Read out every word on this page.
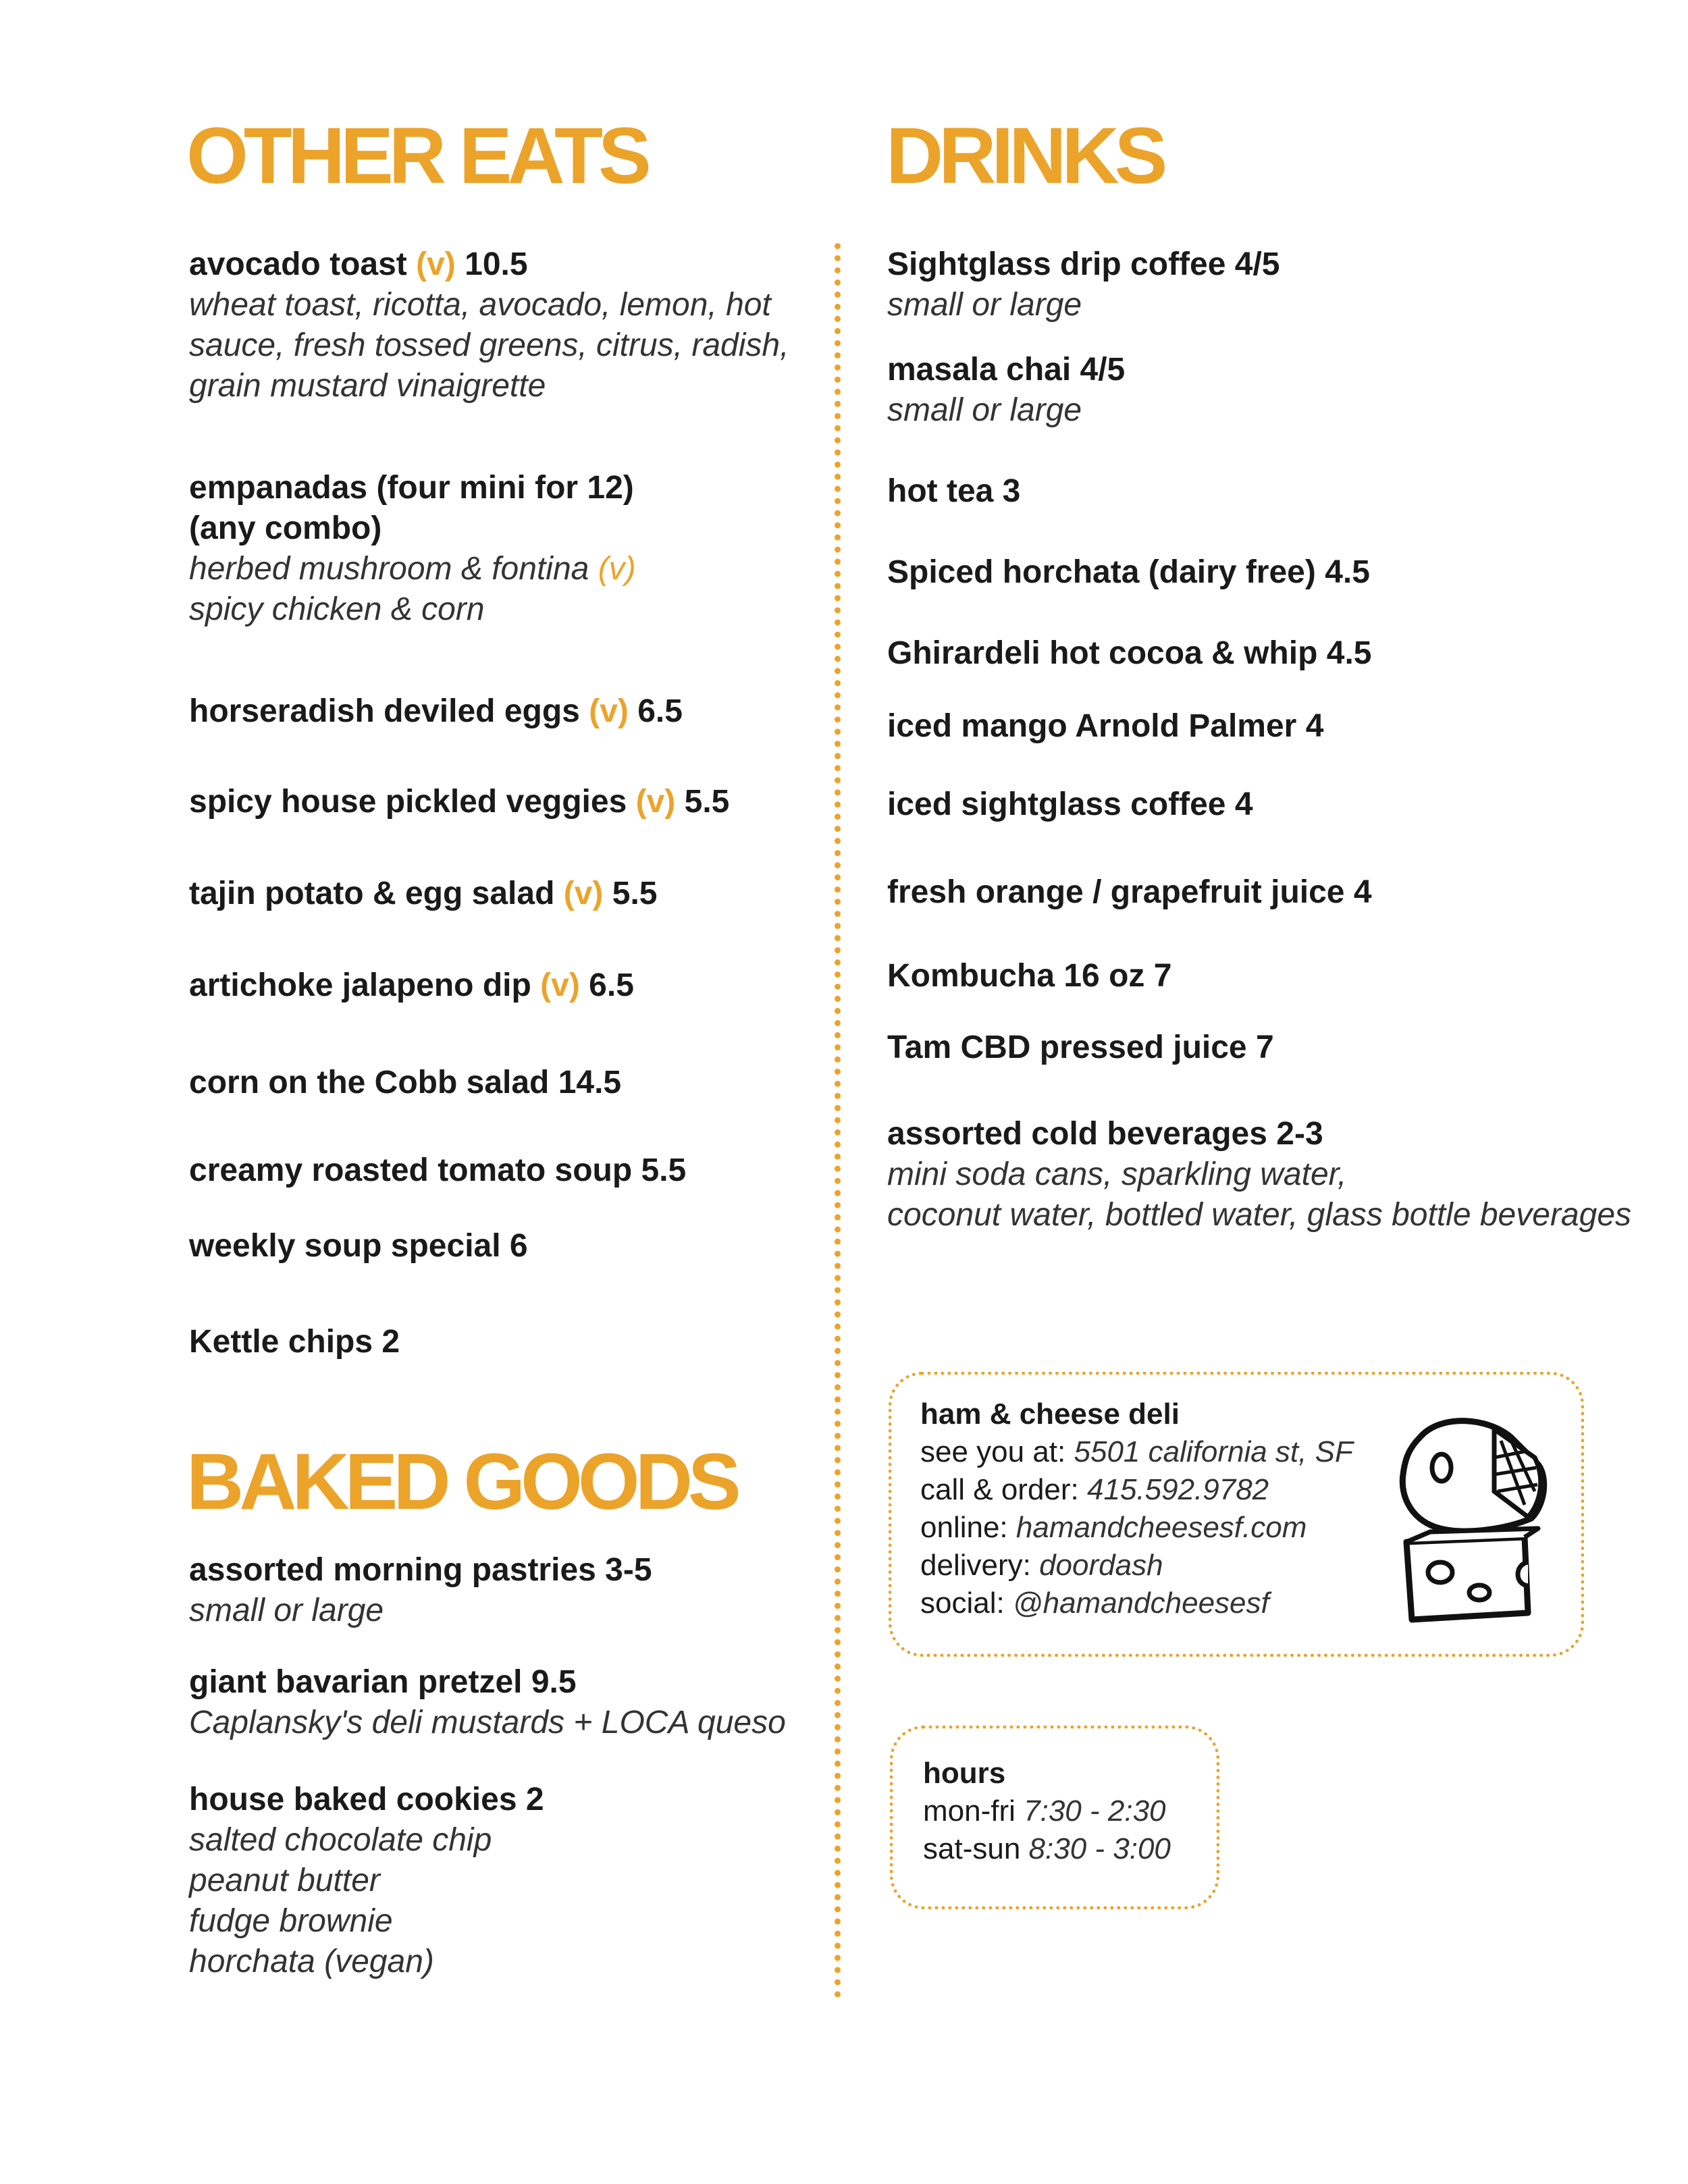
OTHER EATS
avocado toast (v) 10.5
wheat toast, ricotta, avocado, lemon, hot
sauce, fresh tossed greens, citrus, radish,
grain mustard vinaigrette
empanadas (four mini for 12)
(any combo)
herbed mushroom & fontina (v)
spicy chicken & corn
horseradish deviled eggs (v) 6.5
spicy house pickled veggies (v) 5.5
tajin potato & egg salad (v) 5.5
artichoke jalapeno dip (v) 6.5
corn on the Cobb salad 14.5
creamy roasted tomato soup 5.5
weekly soup special 6
Kettle chips 2
BAKED GOODS
assorted morning pastries 3-5
small or large
giant bavarian pretzel 9.5
Caplansky's deli mustards + LOCA queso
house baked cookies 2
salted chocolate chip
peanut butter
fudge brownie
horchata (vegan)
DRINKS
Sightglass drip coffee 4/5
small or large
masala chai 4/5
small or large
hot tea 3
Spiced horchata (dairy free) 4.5
Ghirardeli hot cocoa & whip 4.5
iced mango Arnold Palmer 4
iced sightglass coffee 4
fresh orange / grapefruit juice 4
Kombucha 16 oz 7
Tam CBD pressed juice 7
assorted cold beverages 2-3
mini soda cans, sparkling water,
coconut water, bottled water, glass bottle beverages
ham & cheese deli
see you at: 5501 california st, SF
call & order: 415.592.9782
online: hamandcheesesf.com
delivery: doordash
social: @hamandcheesesf
hours
mon-fri 7:30 - 2:30
sat-sun 8:30 - 3:00
